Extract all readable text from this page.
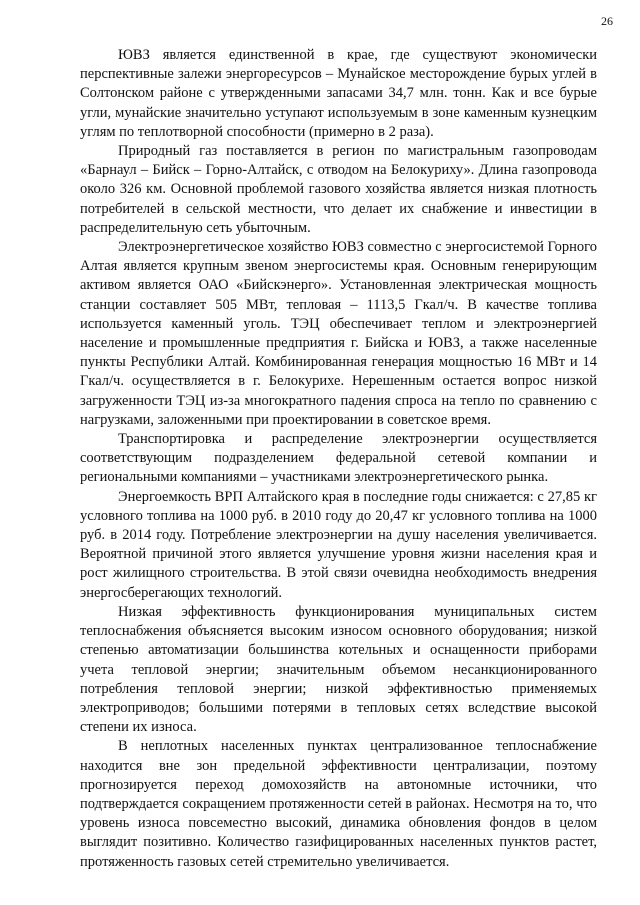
26

ЮВЗ является единственной в крае, где существуют экономически перспективные залежи энергоресурсов – Мунайское месторождение бурых углей в Солтонском районе с утвержденными запасами 34,7 млн. тонн. Как и все бурые угли, мунайские значительно уступают используемым в зоне каменным кузнецким углям по теплотворной способности (примерно в 2 раза).

Природный газ поставляется в регион по магистральным газопроводам «Барнаул – Бийск – Горно-Алтайск, с отводом на Белокуриху». Длина газопровода около 326 км. Основной проблемой газового хозяйства является низкая плотность потребителей в сельской местности, что делает их снабжение и инвестиции в распределительную сеть убыточным.

Электроэнергетическое хозяйство ЮВЗ совместно с энергосистемой Горного Алтая является крупным звеном энергосистемы края. Основным генерирующим активом является ОАО «Бийскэнерго». Установленная электрическая мощность станции составляет 505 МВт, тепловая – 1113,5 Гкал/ч. В качестве топлива используется каменный уголь. ТЭЦ обеспечивает теплом и электроэнергией население и промышленные предприятия г. Бийска и ЮВЗ, а также населенные пункты Республики Алтай. Комбинированная генерация мощностью 16 МВт и 14 Гкал/ч. осуществляется в г. Белокурихе. Нерешенным остается вопрос низкой загруженности ТЭЦ из-за многократного падения спроса на тепло по сравнению с нагрузками, заложенными при проектировании в советское время.

Транспортировка и распределение электроэнергии осуществляется соответствующим подразделением федеральной сетевой компании и региональными компаниями – участниками электроэнергетического рынка.

Энергоемкость ВРП Алтайского края в последние годы снижается: с 27,85 кг условного топлива на 1000 руб. в 2010 году до 20,47 кг условного топлива на 1000 руб. в 2014 году. Потребление электроэнергии на душу населения увеличивается. Вероятной причиной этого является улучшение уровня жизни населения края и рост жилищного строительства. В этой связи очевидна необходимость внедрения энергосберегающих технологий.

Низкая эффективность функционирования муниципальных систем теплоснабжения объясняется высоким износом основного оборудования; низкой степенью автоматизации большинства котельных и оснащенности приборами учета тепловой энергии; значительным объемом несанкционированного потребления тепловой энергии; низкой эффективностью применяемых электроприводов; большими потерями в тепловых сетях вследствие высокой степени их износа.

В неплотных населенных пунктах централизованное теплоснабжение находится вне зон предельной эффективности централизации, поэтому прогнозируется переход домохозяйств на автономные источники, что подтверждается сокращением протяженности сетей в районах. Несмотря на то, что уровень износа повсеместно высокий, динамика обновления фондов в целом выглядит позитивно. Количество газифицированных населенных пунктов растет, протяженность газовых сетей стремительно увеличивается.
